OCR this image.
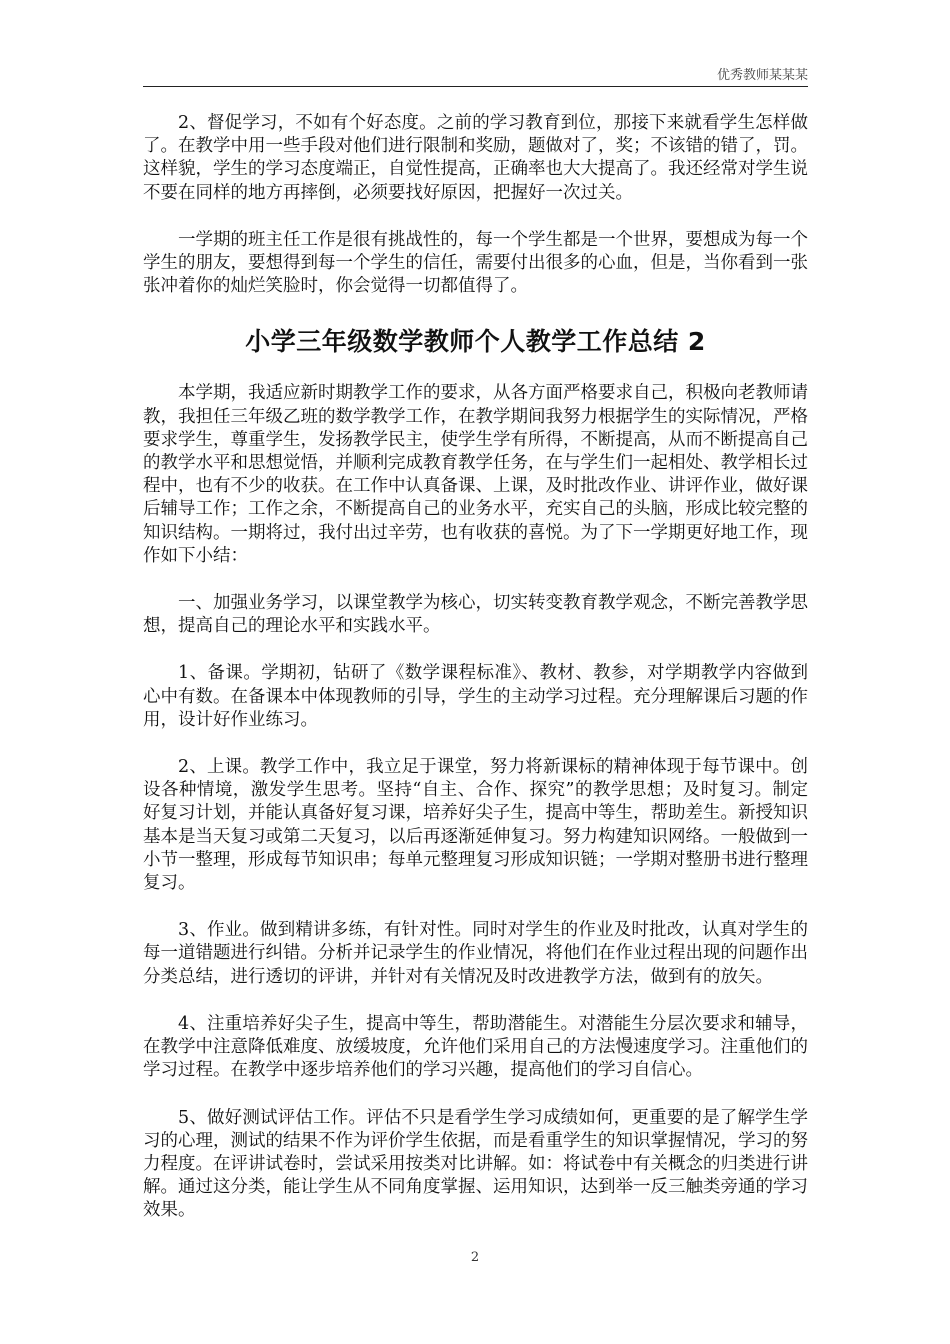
优秀教师某某某

2、督促学习，不如有个好态度。之前的学习教育到位，那接下来就看学生怎样做了。在教学中用一些手段对他们进行限制和奖励，题做对了，奖；不该错的错了，罚。这样貌，学生的学习态度端正，自觉性提高，正确率也大大提高了。我还经常对学生说不要在同样的地方再摔倒，必须要找好原因，把握好一次过关。

一学期的班主任工作是很有挑战性的，每一个学生都是一个世界，要想成为每一个学生的朋友，要想得到每一个学生的信任，需要付出很多的心血，但是，当你看到一张张冲着你的灿烂笑脸时，你会觉得一切都值得了。

小学三年级数学教师个人教学工作总结 2

本学期，我适应新时期教学工作的要求，从各方面严格要求自己，积极向老教师请教，我担任三年级乙班的数学教学工作，在教学期间我努力根据学生的实际情况，严格要求学生，尊重学生，发扬教学民主，使学生学有所得，不断提高，从而不断提高自己的教学水平和思想觉悟，并顺利完成教育教学任务，在与学生们一起相处、教学相长过程中，也有不少的收获。在工作中认真备课、上课，及时批改作业、讲评作业，做好课后辅导工作；工作之余，不断提高自己的业务水平，充实自己的头脑，形成比较完整的知识结构。一期将过，我付出过辛劳，也有收获的喜悦。为了下一学期更好地工作，现作如下小结：

一、加强业务学习，以课堂教学为核心，切实转变教育教学观念，不断完善教学思想，提高自己的理论水平和实践水平。

1、备课。学期初，钻研了《数学课程标准》、教材、教参，对学期教学内容做到心中有数。在备课本中体现教师的引导，学生的主动学习过程。充分理解课后习题的作用，设计好作业练习。

2、上课。教学工作中，我立足于课堂，努力将新课标的精神体现于每节课中。创设各种情境，激发学生思考。坚持“自主、合作、探究”的教学思想；及时复习。制定好复习计划，并能认真备好复习课，培养好尖子生，提高中等生，帮助差生。新授知识基本是当天复习或第二天复习，以后再逐渐延伸复习。努力构建知识网络。一般做到一小节一整理，形成每节知识串；每单元整理复习形成知识链；一学期对整册书进行整理复习。

3、作业。做到精讲多练，有针对性。同时对学生的作业及时批改，认真对学生的每一道错题进行纠错。分析并记录学生的作业情况，将他们在作业过程出现的问题作出分类总结，进行透切的评讲，并针对有关情况及时改进教学方法，做到有的放矢。

4、注重培养好尖子生，提高中等生，帮助潜能生。对潜能生分层次要求和辅导，在教学中注意降低难度、放缓坡度，允许他们采用自己的方法慢速度学习。注重他们的学习过程。在教学中逐步培养他们的学习兴趣，提高他们的学习自信心。

5、做好测试评估工作。评估不只是看学生学习成绩如何，更重要的是了解学生学习的心理，测试的结果不作为评价学生依据，而是看重学生的知识掌握情况，学习的努力程度。在评讲试卷时，尝试采用按类对比讲解。如：将试卷中有关概念的归类进行讲解。通过这分类，能让学生从不同角度掌握、运用知识，达到举一反三触类旁通的学习效果。

2
